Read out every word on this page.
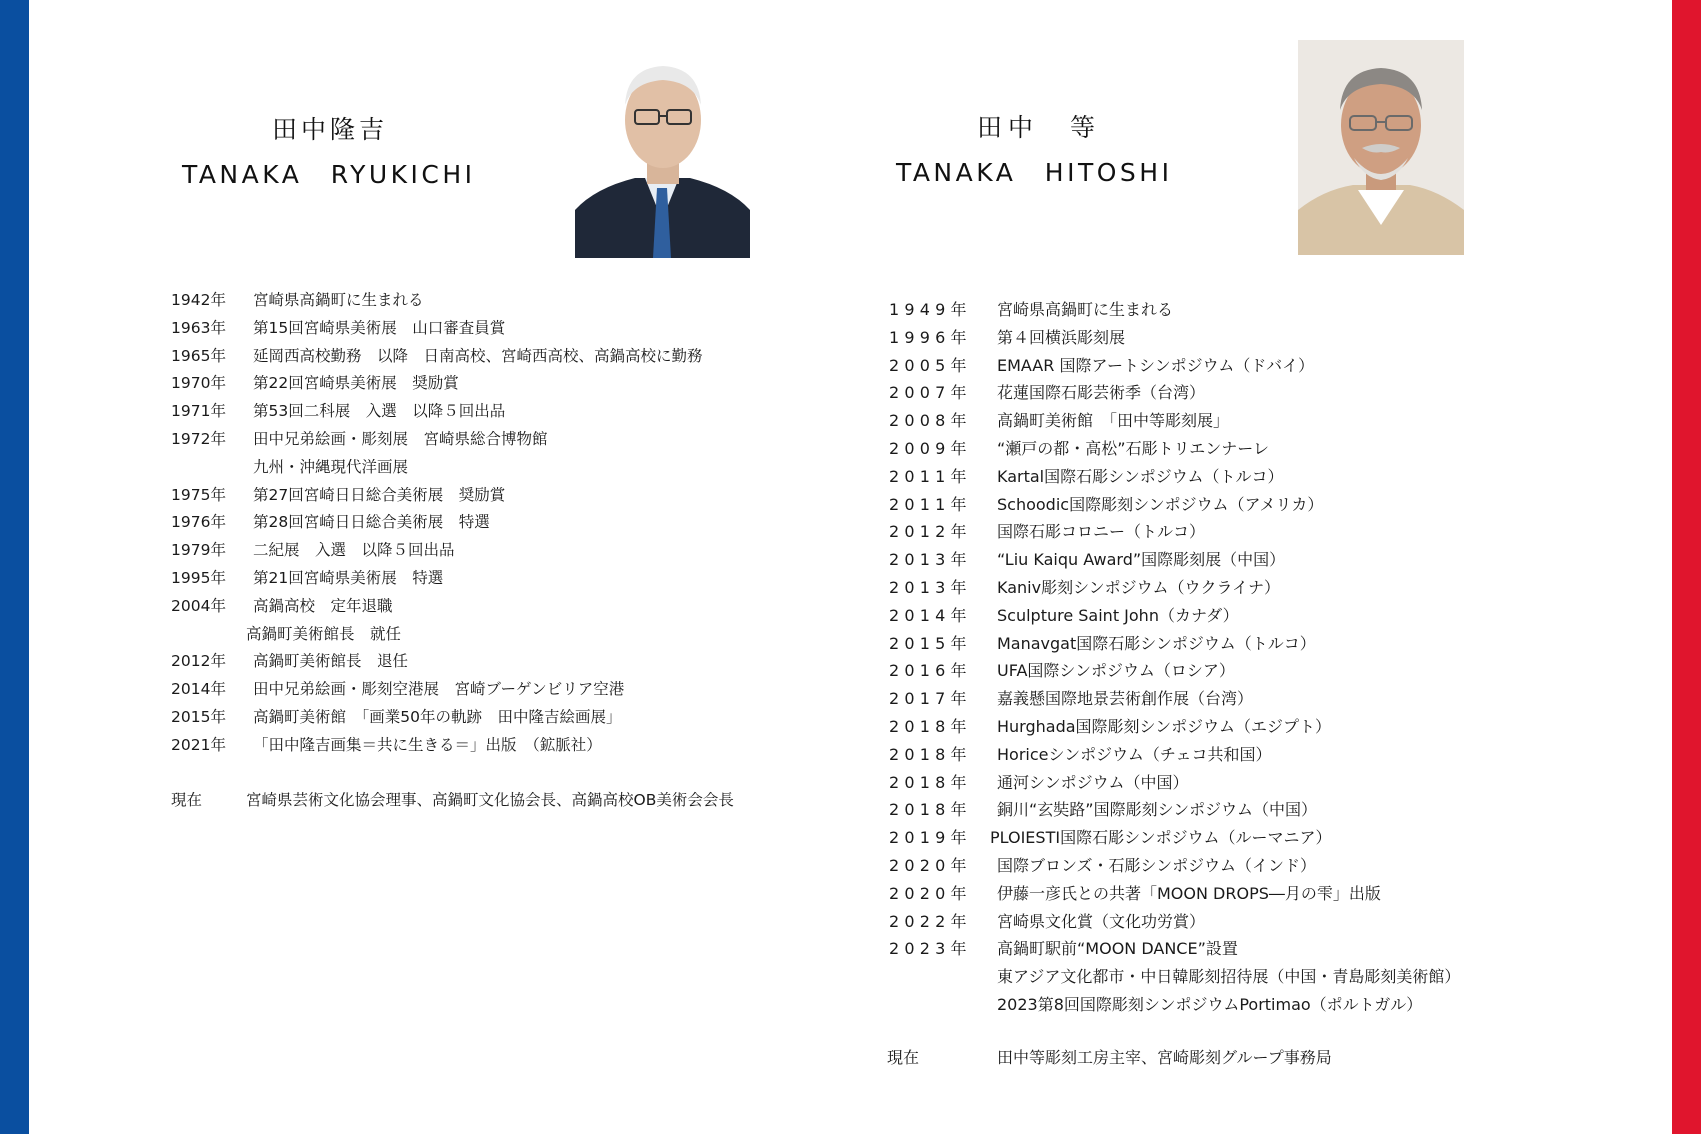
田中隆吉
TANAKA　RYUKICHI
1942年 宮崎県高鍋町に生まれる
1963年 第15回宮崎県美術展　山口審査員賞
1965年 延岡西高校勤務　以降　日南高校、宮崎西高校、高鍋高校に勤務
1970年 第22回宮崎県美術展　奨励賞
1971年 第53回二科展　入選　以降５回出品
1972年 田中兄弟絵画・彫刻展　宮崎県総合博物館
九州・沖縄現代洋画展
1975年 第27回宮崎日日総合美術展　奨励賞
1976年 第28回宮崎日日総合美術展　特選
1979年 二紀展　入選　以降５回出品
1995年 第21回宮崎県美術展　特選
2004年 高鍋高校　定年退職
高鍋町美術館長　就任
2012年 高鍋町美術館長　退任
2014年 田中兄弟絵画・彫刻空港展　宮崎ブーゲンビリア空港
2015年 高鍋町美術館　「画業50年の軌跡　田中隆吉絵画展」
2021年 「田中隆吉画集＝共に生きる＝」出版　（鉱脈社）
現在	宮崎県芸術文化協会理事、高鍋町文化協会長、高鍋高校OB美術会会長
田中　等
TANAKA　HITOSHI
1949年 宮崎県高鍋町に生まれる
1996年 第４回横浜彫刻展
2005年 EMAAR 国際アートシンポジウム（ドバイ）
2007年 花蓮国際石彫芸術季（台湾）
2008年 高鍋町美術館　「田中等彫刻展」
2009年 “瀬戸の都・高松”石彫トリエンナーレ
2011年 Kartal国際石彫シンポジウム（トルコ）
2011年 Schoodic国際彫刻シンポジウム（アメリカ）
2012年 国際石彫コロニー（トルコ）
2013年 “Liu Kaiqu Award”国際彫刻展（中国）
2013年 Kaniv彫刻シンポジウム（ウクライナ）
2014年 Sculpture Saint John（カナダ）
2015年 Manavgat国際石彫シンポジウム（トルコ）
2016年 UFA国際シンポジウム（ロシア）
2017年 嘉義懸国際地景芸術創作展（台湾）
2018年 Hurghada国際彫刻シンポジウム（エジプト）
2018年 Horiceシンポジウム（チェコ共和国）
2018年 通河シンポジウム（中国）
2018年 銅川“玄奘路”国際彫刻シンポジウム（中国）
2019年 PLOIESTI国際石彫シンポジウム（ルーマニア）
2020年 国際ブロンズ・石彫シンポジウム（インド）
2020年 伊藤一彦氏との共著「MOON DROPS―月の雫」出版
2022年 宮崎県文化賞（文化功労賞）
2023年 高鍋町駅前“MOON DANCE”設置
東アジア文化都市・中日韓彫刻招待展（中国・青島彫刻美術館）
2023第8回国際彫刻シンポジウムPortimao（ポルトガル）
現在	田中等彫刻工房主宰、宮崎彫刻グループ事務局
